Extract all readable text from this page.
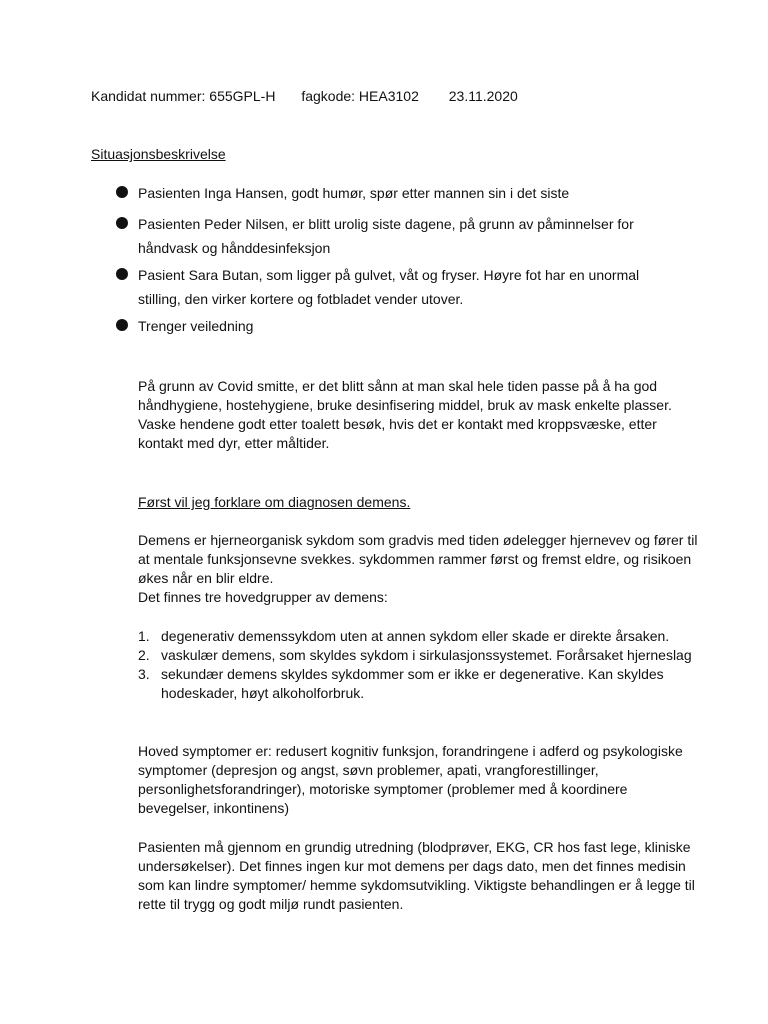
Kandidat nummer: 655GPL-H fagkode: HEA3102 23.11.2020
Situasjonsbeskrivelse
Pasienten Inga Hansen, godt humør, spør etter mannen sin i det siste
Pasienten Peder Nilsen, er blitt urolig siste dagene, på grunn av påminnelser for håndvask og hånddesinfeksjon
Pasient Sara Butan, som ligger på gulvet, våt og fryser. Høyre fot har en unormal stilling, den virker kortere og fotbladet vender utover.
Trenger veiledning

På grunn av Covid smitte, er det blitt sånn at man skal hele tiden passe på å ha god håndhygiene, hostehygiene, bruke desinfisering middel, bruk av mask enkelte plasser. Vaske hendene godt etter toalett besøk, hvis det er kontakt med kroppsvæske, etter kontakt med dyr, etter måltider.

Først vil jeg forklare om diagnosen demens.

Demens er hjerneorganisk sykdom som gradvis med tiden ødelegger hjernevev og fører til at mentale funksjonsevne svekkes. sykdommen rammer først og fremst eldre, og risikoen økes når en blir eldre.
Det finnes tre hovedgrupper av demens:
1. degenerativ demenssykdom uten at annen sykdom eller skade er direkte årsaken.
2. vaskulær demens, som skyldes sykdom i sirkulasjonssystemet. Forårsaket hjerneslag
3. sekundær demens skyldes sykdommer som er ikke er degenerative. Kan skyldes hodeskader, høyt alkoholforbruk.

Hoved symptomer er: redusert kognitiv funksjon, forandringene i adferd og psykologiske symptomer (depresjon og angst, søvn problemer, apati, vrangforestillinger, personlighetsforandringer), motoriske symptomer (problemer med å koordinere bevegelser, inkontinens)

Pasienten må gjennom en grundig utredning (blodprøver, EKG, CR hos fast lege, kliniske undersøkelser). Det finnes ingen kur mot demens per dags dato, men det finnes medisin som kan lindre symptomer/ hemme sykdomsutvikling. Viktigste behandlingen er å legge til rette til trygg og godt miljø rundt pasienten.
